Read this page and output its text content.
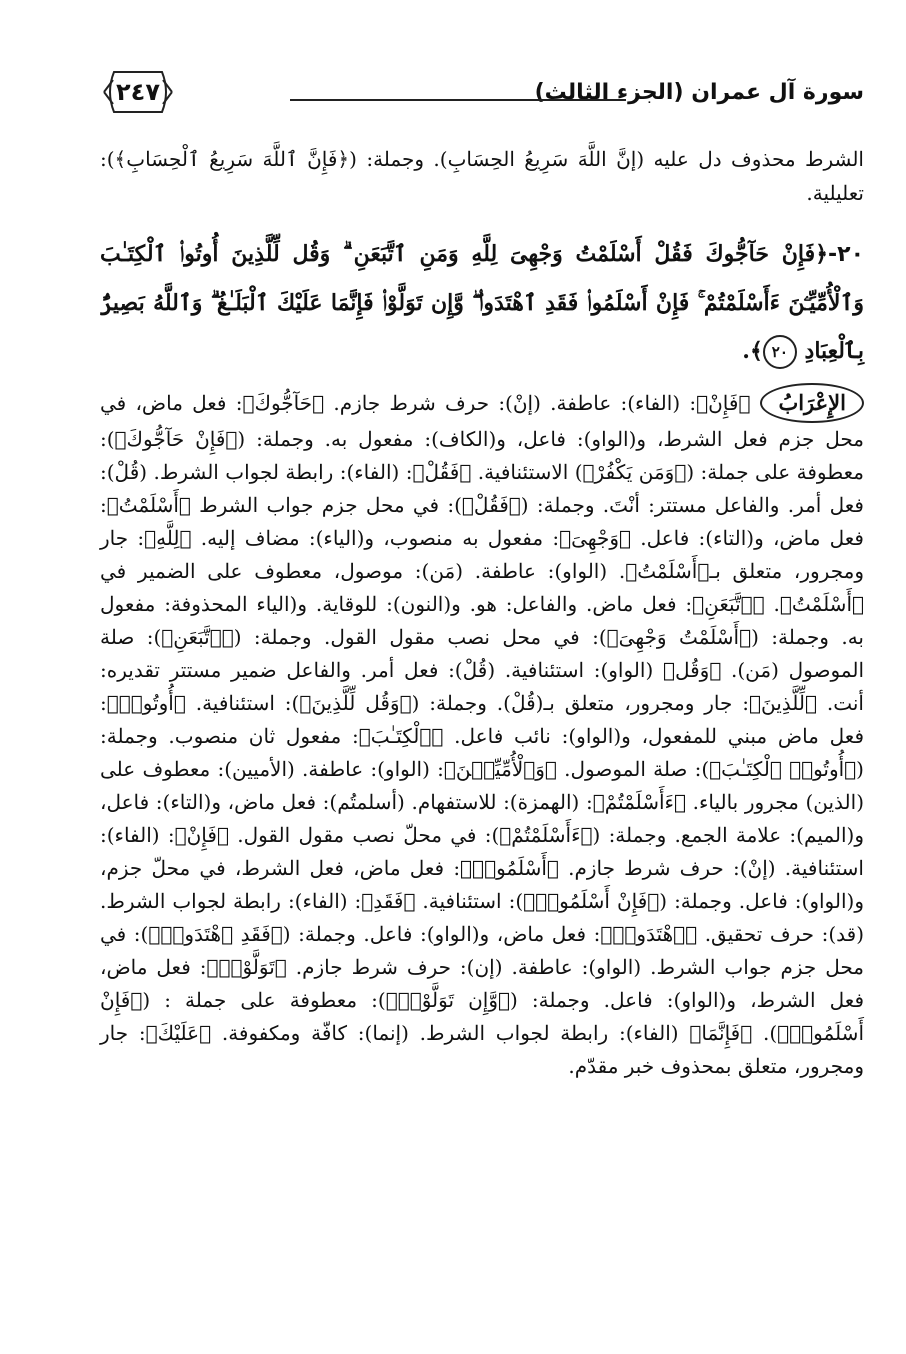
سورة آل عمران (الجزء الثالث)
٢٤٧

الشرط محذوف دل عليه (إنَّ اللَّهَ سَرِيعُ الحِسَابِ). وجملة: (﴿فَإِنَّ ٱللَّهَ سَرِيعُ ٱلْحِسَابِ﴾): تعليلية.

٢٠-﴿فَإِنْ حَآجُّوكَ فَقُلْ أَسْلَمْتُ وَجْهِىَ لِلَّهِ وَمَنِ ٱتَّبَعَنِ ۗ وَقُل لِّلَّذِينَ أُوتُوا۟ ٱلْكِتَـٰبَ وَٱلْأُمِّيِّـۧنَ ءَأَسْلَمْتُمْ ۚ فَإِنْ أَسْلَمُوا۟ فَقَدِ ٱهْتَدَوا۟ ۖ وَّإِن تَوَلَّوْا۟ فَإِنَّمَا عَلَيْكَ ٱلْبَلَـٰغُ ۗ وَٱللَّهُ بَصِيرٌۢ بِٱلْعِبَادِ ٢٠﴾.

الإِعْرَابُ﴿فَإِنْ﴾: (الفاء): عاطفة. (إنْ): حرف شرط جازم. ﴿حَآجُّوكَ﴾: فعل ماض، في محل جزم فعل الشرط، و(الواو): فاعل، و(الكاف): مفعول به. وجملة: (﴿فَإِنْ حَآجُّوكَ﴾): معطوفة على جملة: (﴿وَمَن يَكْفُرْ﴾) الاستئنافية. ﴿فَقُلْ﴾: (الفاء): رابطة لجواب الشرط. (قُلْ): فعل أمر. والفاعل مستتر: أنْتَ. وجملة: (﴿فَقُلْ﴾): في محل جزم جواب الشرط ﴿أَسْلَمْتُ﴾: فعل ماض، و(التاء): فاعل. ﴿وَجْهِىَ﴾: مفعول به منصوب، و(الياء): مضاف إليه. ﴿لِلَّهِ﴾: جار ومجرور، متعلق بـ﴿أَسْلَمْتُ﴾. (الواو): عاطفة. (مَن): موصول، معطوف على الضمير في ﴿أَسْلَمْتُ﴾. ﴿ٱتَّبَعَنِ﴾: فعل ماض. والفاعل: هو. و(النون): للوقاية. و(الياء المحذوفة: مفعول به. وجملة: (﴿أَسْلَمْتُ وَجْهِىَ﴾): في محل نصب مقول القول. وجملة: (﴿ٱتَّبَعَنِ﴾): صلة الموصول (مَن). ﴿وَقُل﴾ (الواو): استئنافية. (قُلْ): فعل أمر. والفاعل ضمير مستتر تقديره: أنت. ﴿لِّلَّذِينَ﴾: جار ومجرور، متعلق بـ(قُلْ). وجملة: (﴿وَقُل لِّلَّذِينَ﴾): استئنافية. ﴿أُوتُوا۟﴾: فعل ماض مبني للمفعول، و(الواو): نائب فاعل. ﴿ٱلْكِتَـٰبَ﴾: مفعول ثان منصوب. وجملة: (﴿أُوتُوا۟ ٱلْكِتَـٰبَ﴾): صلة الموصول. ﴿وَٱلْأُمِّيِّـۧنَ﴾: (الواو): عاطفة. (الأميين): معطوف على (الذين) مجرور بالياء. ﴿ءَأَسْلَمْتُمْ﴾: (الهمزة): للاستفهام. (أسلمتُم): فعل ماض، و(التاء): فاعل، و(الميم): علامة الجمع. وجملة: (﴿ءَأَسْلَمْتُمْ﴾): في محلّ نصب مقول القول. ﴿فَإِنْ﴾: (الفاء): استئنافية. (إنْ): حرف شرط جازم. ﴿أَسْلَمُوا۟﴾: فعل ماض، فعل الشرط، في محلّ جزم، و(الواو): فاعل. وجملة: (﴿فَإِنْ أَسْلَمُوا۟﴾): استئنافية. ﴿فَقَدِ﴾: (الفاء): رابطة لجواب الشرط. (قد): حرف تحقيق. ﴿ٱهْتَدَوا۟﴾: فعل ماض، و(الواو): فاعل. وجملة: (﴿فَقَدِ ٱهْتَدَوا۟﴾): في محل جزم جواب الشرط. (الواو): عاطفة. (إن): حرف شرط جازم. ﴿تَوَلَّوْا۟﴾: فعل ماض، فعل الشرط، و(الواو): فاعل. وجملة: (﴿وَّإِن تَوَلَّوْا۟﴾): معطوفة على جملة : (﴿فَإِنْ أَسْلَمُوا۟﴾). ﴿فَإِنَّمَا﴾ (الفاء): رابطة لجواب الشرط. (إنما): كافّة ومكفوفة. ﴿عَلَيْكَ﴾: جار ومجرور، متعلق بمحذوف خبر مقدّم.
